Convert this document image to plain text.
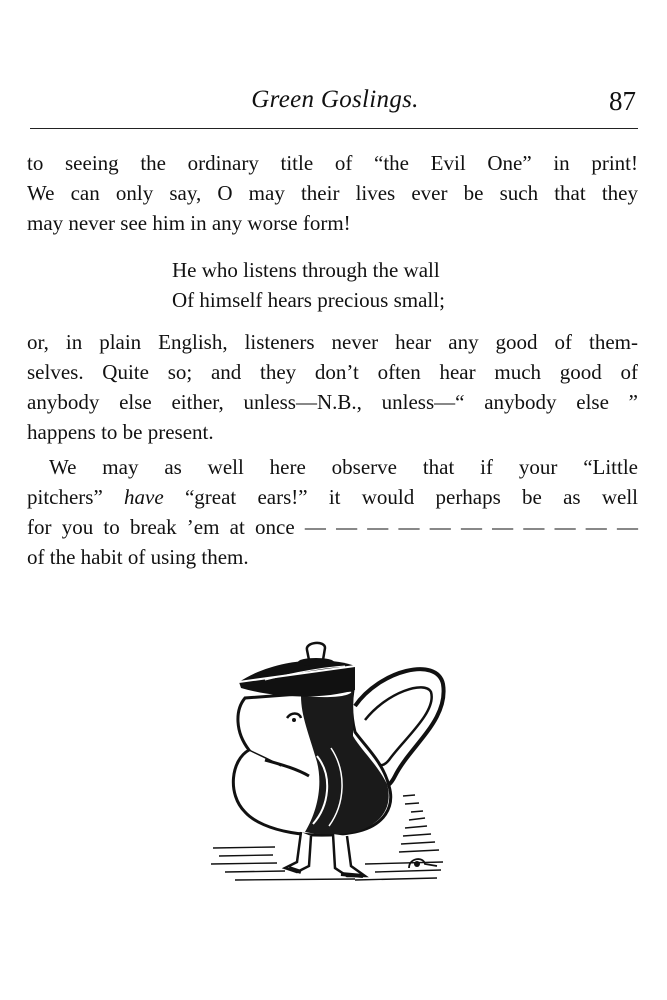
Green Goslings.	87
to seeing the ordinary title of “the Evil One” in print!
We can only say, O may their lives ever be such that they
may never see him in any worse form!
He who listens through the wall
Of himself hears precious small;
or, in plain English, listeners never hear any good of them-
selves. Quite so; and they don’t often hear much good of
anybody else either, unless—N.B., unless—“ anybody else ”
happens to be present.
We may as well here observe that if your “Little
pitchers” have “great ears!” it would perhaps be as well
for you to break ’em at once — — — — — — — — — — —
of the habit of using them.
